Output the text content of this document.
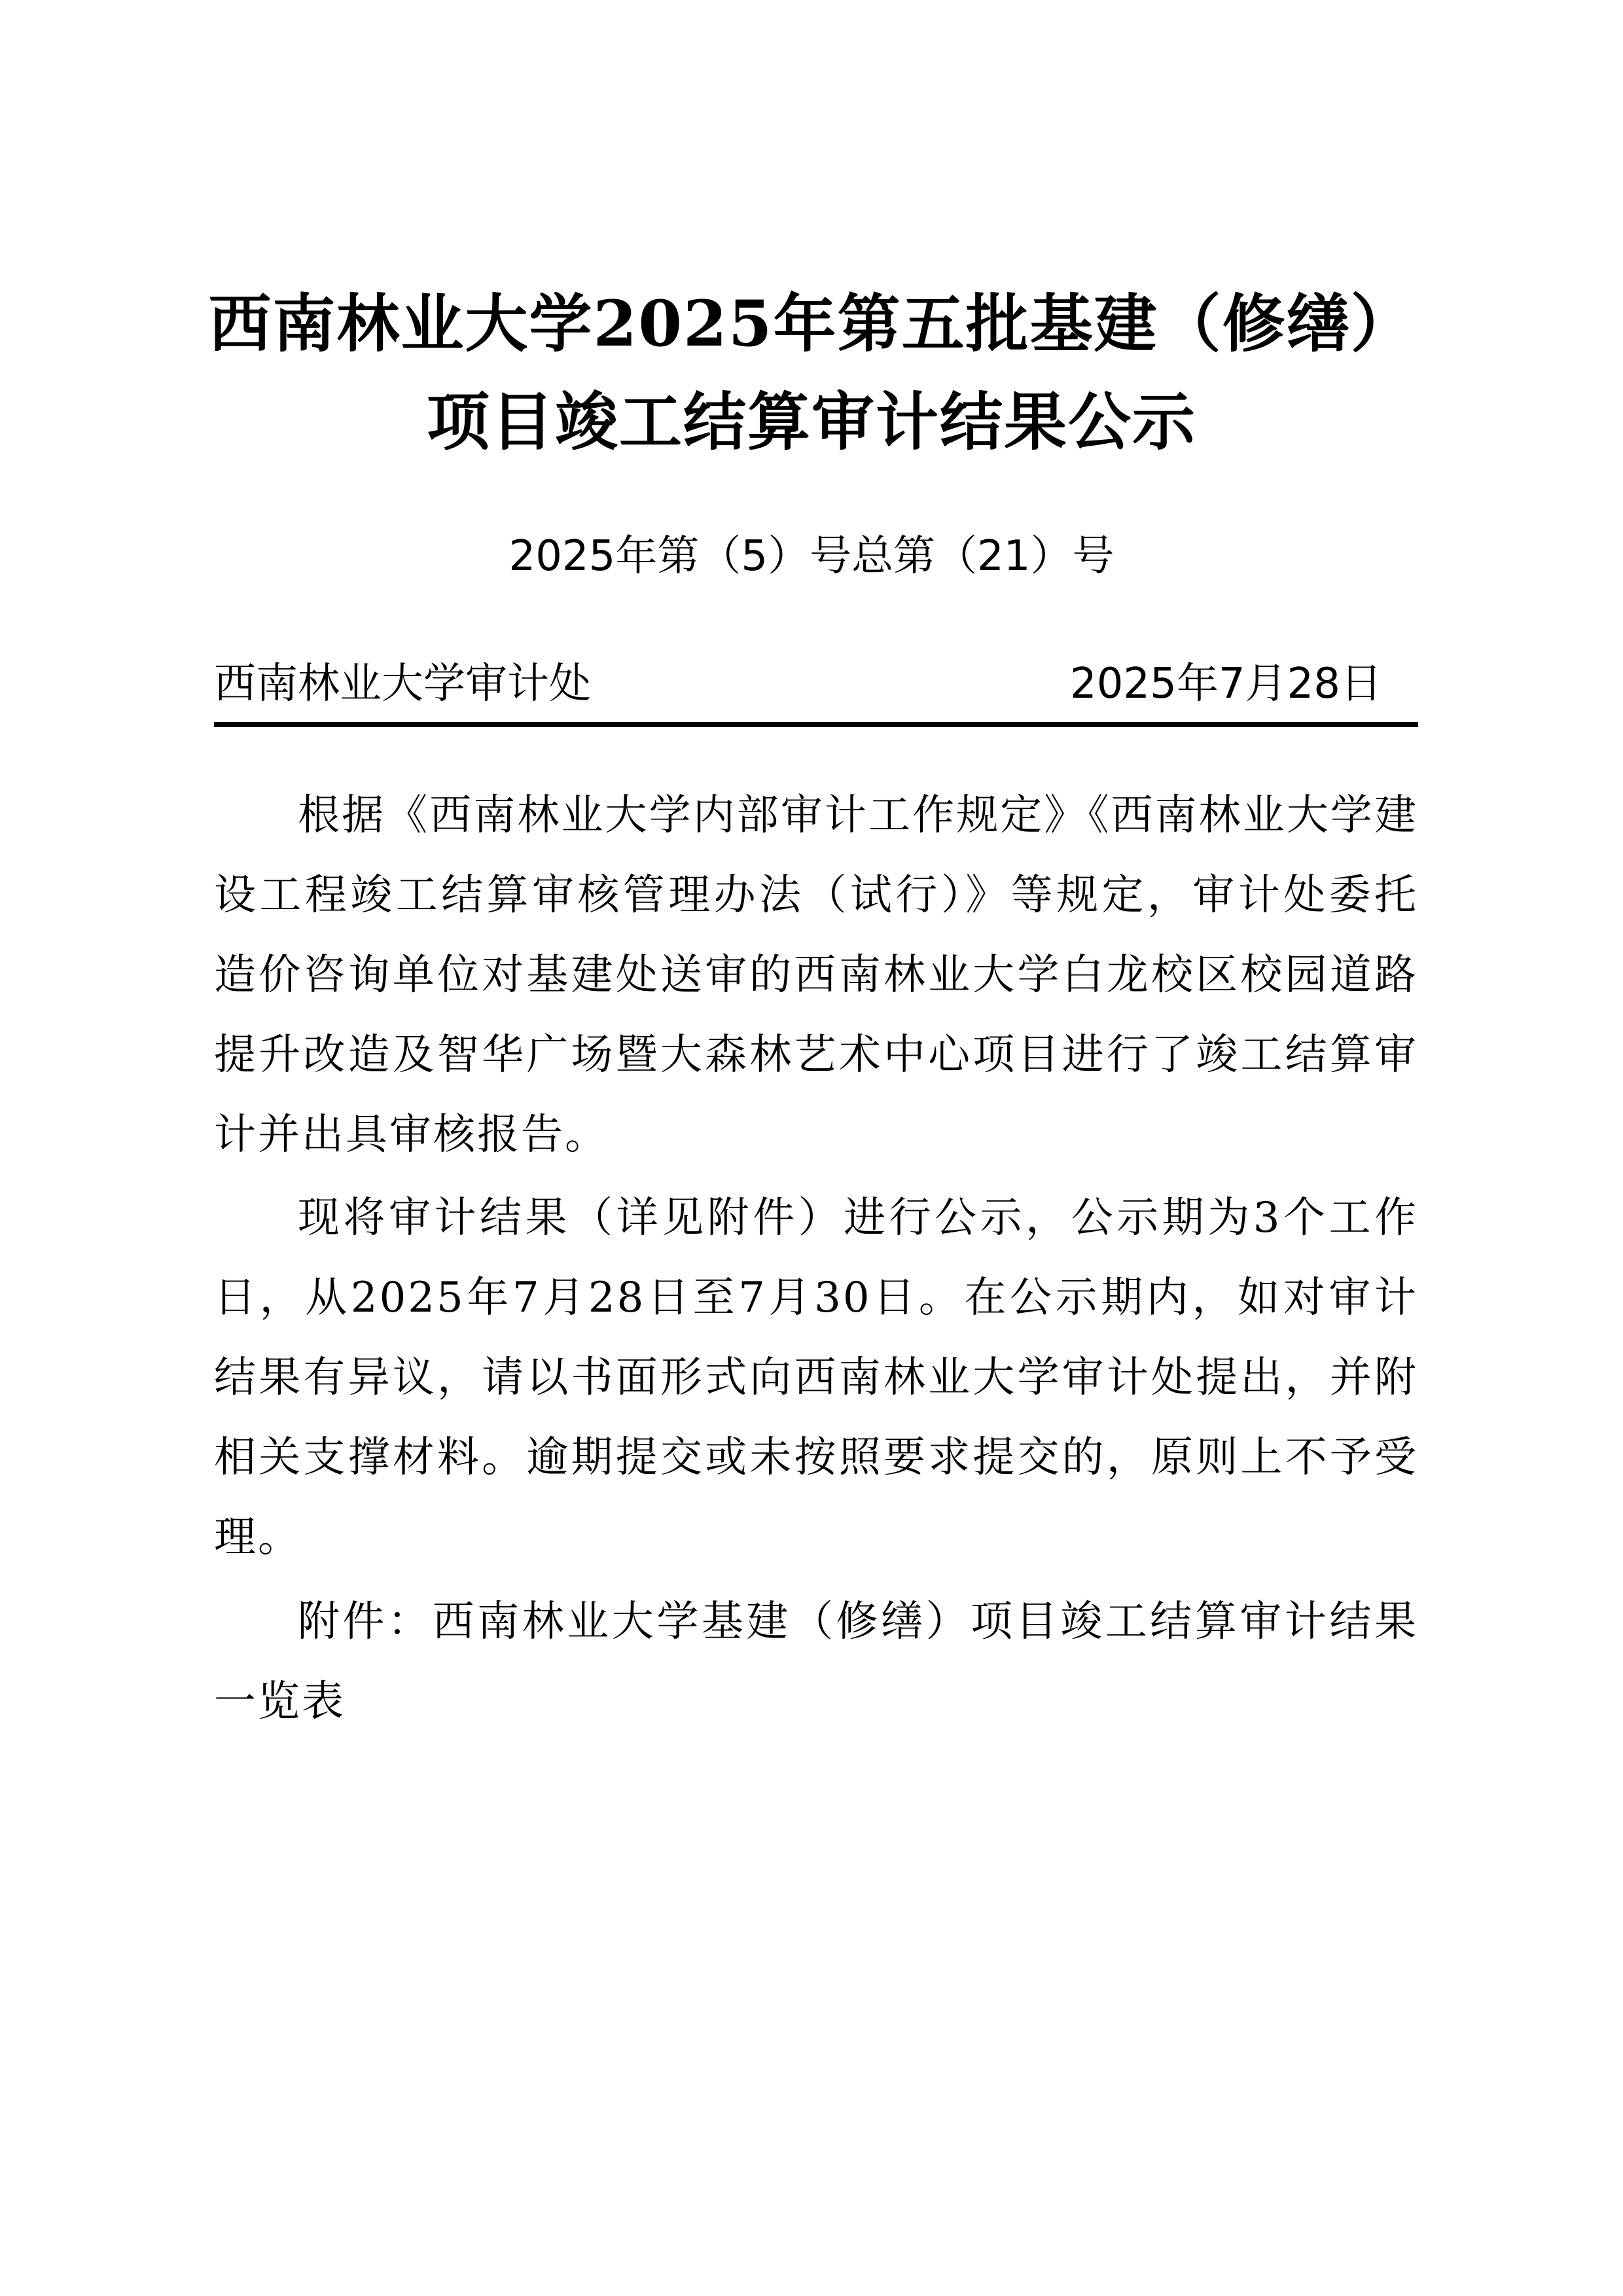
西南林业大学2025年第五批基建（修缮）
项目竣工结算审计结果公示
2025年第（5）号总第（21）号
西南林业大学审计处	2025年7月28日
根据《西南林业大学内部审计工作规定》《西南林业大学建
设工程竣工结算审核管理办法（试行）》等规定，审计处委托
造价咨询单位对基建处送审的西南林业大学白龙校区校园道路
提升改造及智华广场暨大森林艺术中心项目进行了竣工结算审
计并出具审核报告。
现将审计结果（详见附件）进行公示，公示期为3个工作
日，从2025年7月28日至7月30日。在公示期内，如对审计
结果有异议，请以书面形式向西南林业大学审计处提出，并附
相关支撑材料。逾期提交或未按照要求提交的，原则上不予受
理。
附件：西南林业大学基建（修缮）项目竣工结算审计结果
一览表
